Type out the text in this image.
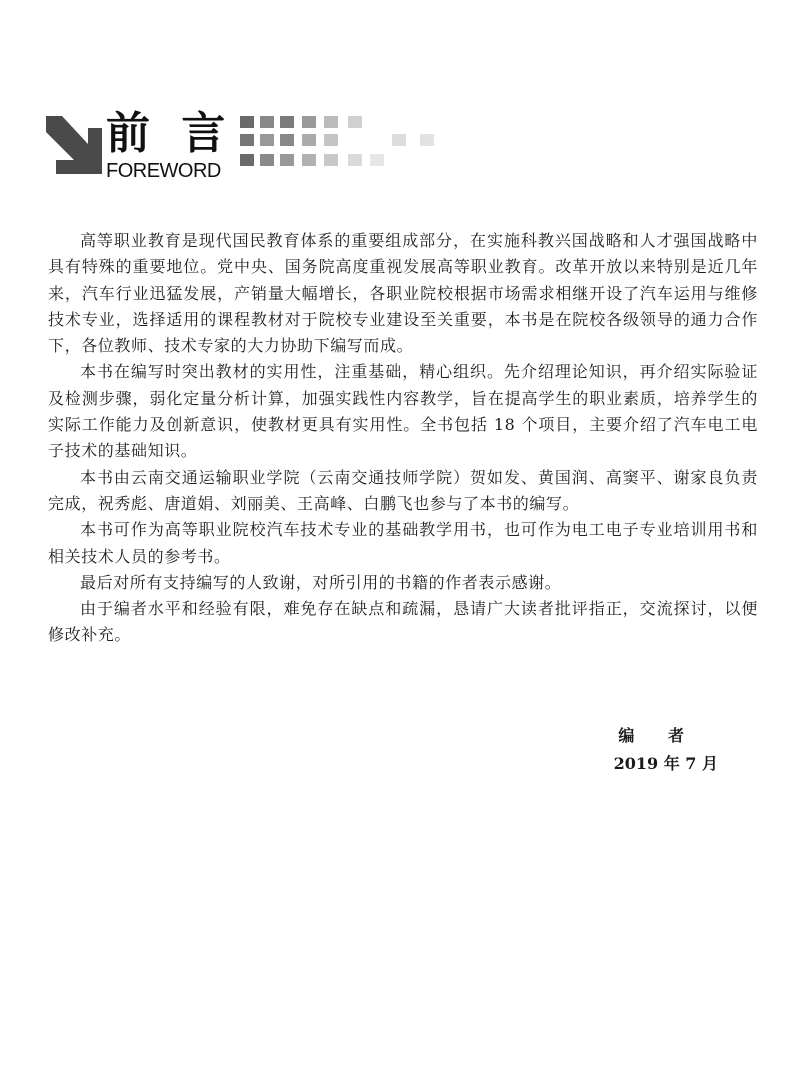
前 言
FOREWORD

高等职业教育是现代国民教育体系的重要组成部分，在实施科教兴国战略和人才强国战略中具有特殊的重要地位。党中央、国务院高度重视发展高等职业教育。改革开放以来特别是近几年来，汽车行业迅猛发展，产销量大幅增长，各职业院校根据市场需求相继开设了汽车运用与维修技术专业，选择适用的课程教材对于院校专业建设至关重要，本书是在院校各级领导的通力合作下，各位教师、技术专家的大力协助下编写而成。

本书在编写时突出教材的实用性，注重基础，精心组织。先介绍理论知识，再介绍实际验证及检测步骤，弱化定量分析计算，加强实践性内容教学，旨在提高学生的职业素质，培养学生的实际工作能力及创新意识，使教材更具有实用性。全书包括 18 个项目，主要介绍了汽车电工电子技术的基础知识。

本书由云南交通运输职业学院（云南交通技师学院）贺如发、黄国润、高窦平、谢家良负责完成，祝秀彪、唐道娟、刘丽美、王高峰、白鹏飞也参与了本书的编写。

本书可作为高等职业院校汽车技术专业的基础教学用书，也可作为电工电子专业培训用书和相关技术人员的参考书。

最后对所有支持编写的人致谢，对所引用的书籍的作者表示感谢。

由于编者水平和经验有限，难免存在缺点和疏漏，恳请广大读者批评指正，交流探讨，以便修改补充。

编 者
2019 年 7 月
